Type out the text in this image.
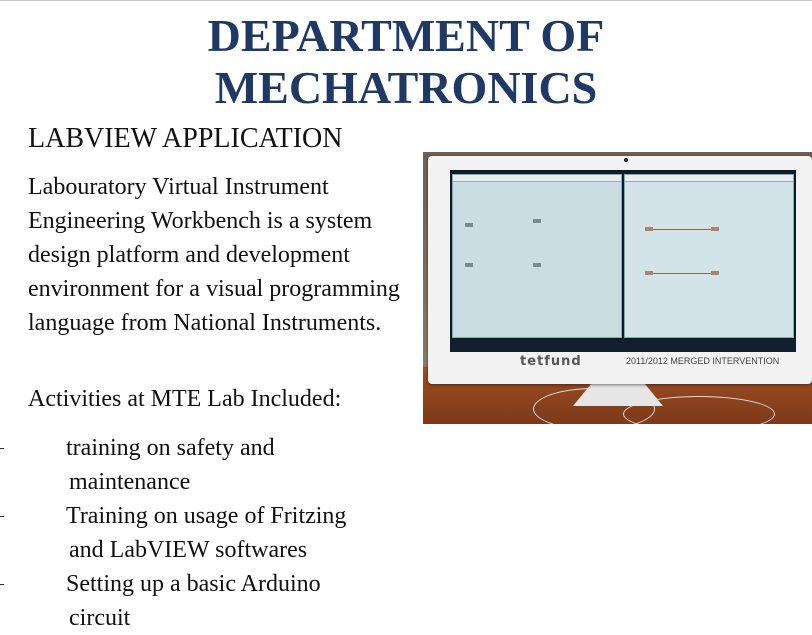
DEPARTMENT OF
MECHATRONICS
LABVIEW APPLICATION
Labouratory Virtual Instrument Engineering Workbench is a system design platform and development environment for a visual programming language from National Instruments.
Activities at MTE Lab Included:
training on safety and
maintenance
Training on usage of Fritzing
and LabVIEW softwares
Setting up a basic Arduino
circuit
tetfund	2011/2012 MERGED INTERVENTION
